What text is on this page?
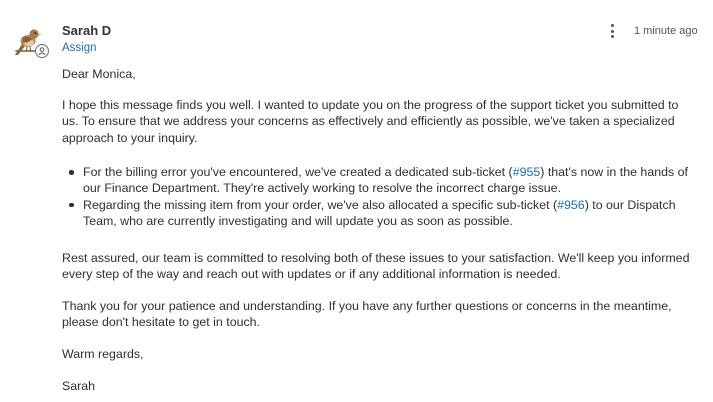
Sarah D
Assign
1 minute ago

Dear Monica,

I hope this message finds you well. I wanted to update you on the progress of the support ticket you submitted to us. To ensure that we address your concerns as effectively and efficiently as possible, we've taken a specialized approach to your inquiry.

For the billing error you've encountered, we've created a dedicated sub-ticket (#955) that's now in the hands of our Finance Department. They're actively working to resolve the incorrect charge issue.
Regarding the missing item from your order, we've also allocated a specific sub-ticket (#956) to our Dispatch Team, who are currently investigating and will update you as soon as possible.

Rest assured, our team is committed to resolving both of these issues to your satisfaction. We'll keep you informed every step of the way and reach out with updates or if any additional information is needed.

Thank you for your patience and understanding. If you have any further questions or concerns in the meantime, please don't hesitate to get in touch.

Warm regards,

Sarah
